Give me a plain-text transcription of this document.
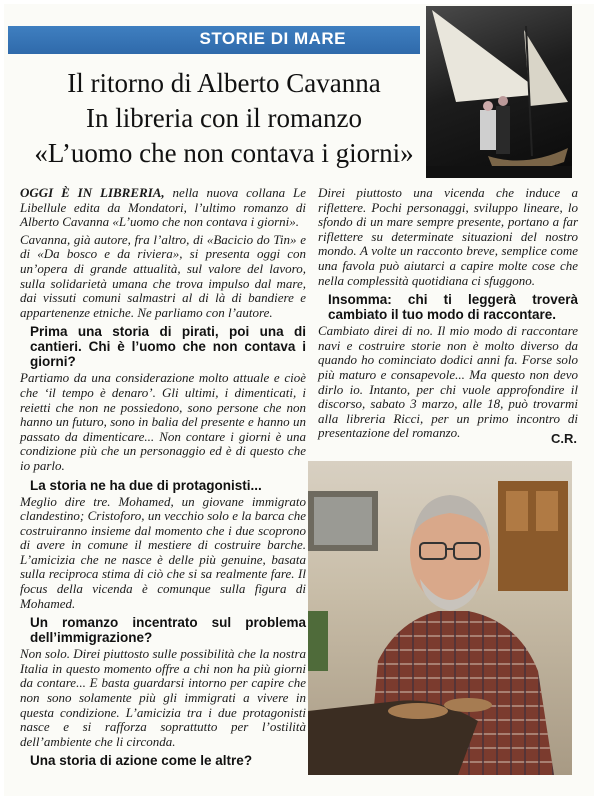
STORIE DI MARE
Il ritorno di Alberto Cavanna
In libreria con il romanzo
«L’uomo che non contava i giorni»

OGGI È IN LIBRERIA, nella nuova collana Le Libellule edita da Mondatori, l’ultimo romanzo di Alberto Cavanna «L’uomo che non contava i giorni».

Cavanna, già autore, fra l’altro, di «Bacicio do Tin» e di «Da bosco e da riviera», si presenta oggi con un’opera di grande attualità, sul valore del lavoro, sulla solidarietà umana che trova impulso dal mare, dai vissuti comuni salmastri al di là di bandiere e appartenenze etniche. Ne parliamo con l’autore.

Prima una storia di pirati, poi una di cantieri. Chi è l’uomo che non contava i giorni?

Partiamo da una considerazione molto attuale e cioè che ‘il tempo è denaro’. Gli ultimi, i dimenticati, i reietti che non ne possiedono, sono persone che non hanno un futuro, sono in balia del presente e hanno un passato da dimenticare... Non contare i giorni è una condizione più che un personaggio ed è di questo che io parlo.

La storia ne ha due di protagonisti...

Meglio dire tre. Mohamed, un giovane immigrato clandestino; Cristoforo, un vecchio solo e la barca che costruiranno insieme dal momento che i due scoprono di avere in comune il mestiere di costruire barche. L’amicizia che ne nasce è delle più genuine, basata sulla reciproca stima di ciò che si sa realmente fare. Il focus della vicenda è comunque sulla figura di Mohamed.

Un romanzo incentrato sul problema dell’immigrazione?

Non solo. Direi piuttosto sulle possibilità che la nostra Italia in questo momento offre a chi non ha più giorni da contare... E basta guardarsi intorno per capire che non sono solamente più gli immigrati a vivere in questa condizione. L’amicizia tra i due protagonisti nasce e si rafforza soprattutto per l’ostilità dell’ambiente che li circonda.

Una storia di azione come le altre?

Direi piuttosto una vicenda che induce a riflettere. Pochi personaggi, sviluppo lineare, lo sfondo di un mare sempre presente, portano a far riflettere su determinate situazioni del nostro mondo. A volte un racconto breve, semplice come una favola può aiutarci a capire molte cose che nella complessità quotidiana ci sfuggono.

Insomma: chi ti leggerà troverà cambiato il tuo modo di raccontare.

Cambiato direi di no. Il mio modo di raccontare navi e costruire storie non è molto diverso da quando ho cominciato dodici anni fa. Forse solo più maturo e consapevole... Ma questo non devo dirlo io. Intanto, per chi vuole approfondire il discorso, sabato 3 marzo, alle 18, può trovarmi alla libreria Ricci, per un primo incontro di presentazione del romanzo.	C.R.
